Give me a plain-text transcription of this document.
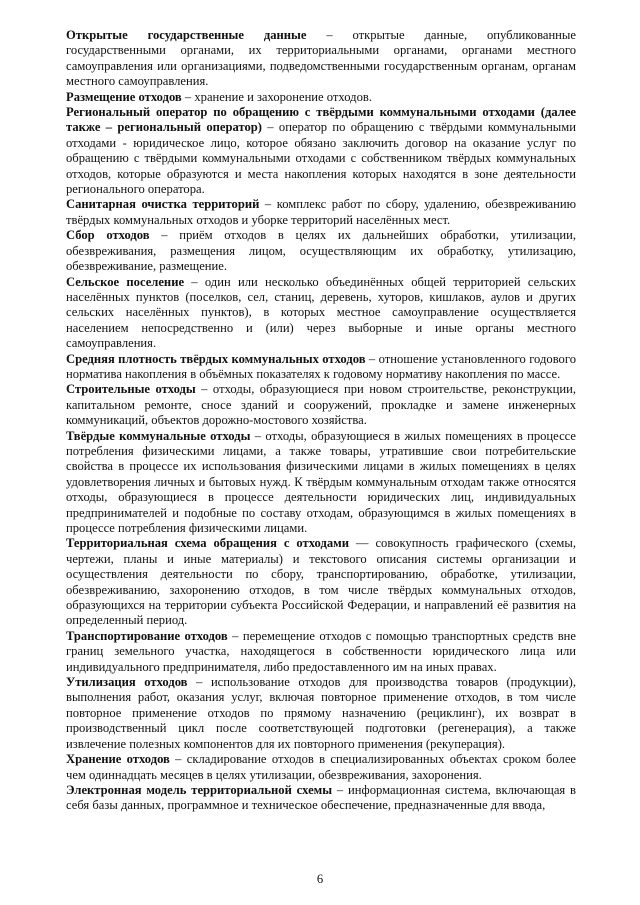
Открытые государственные данные – открытые данные, опубликованные государственными органами, их территориальными органами, органами местного самоуправления или организациями, подведомственными государственным органам, органам местного самоуправления.

Размещение отходов – хранение и захоронение отходов.

Региональный оператор по обращению с твёрдыми коммунальными отходами (далее также – региональный оператор) – оператор по обращению с твёрдыми коммунальными отходами - юридическое лицо, которое обязано заключить договор на оказание услуг по обращению с твёрдыми коммунальными отходами с собственником твёрдых коммунальных отходов, которые образуются и места накопления которых находятся в зоне деятельности регионального оператора.

Санитарная очистка территорий – комплекс работ по сбору, удалению, обезвреживанию твёрдых коммунальных отходов и уборке территорий населённых мест.

Сбор отходов – приём отходов в целях их дальнейших обработки, утилизации, обезвреживания, размещения лицом, осуществляющим их обработку, утилизацию, обезвреживание, размещение.

Сельское поселение – один или несколько объединённых общей территорией сельских населённых пунктов (поселков, сел, станиц, деревень, хуторов, кишлаков, аулов и других сельских населённых пунктов), в которых местное самоуправление осуществляется населением непосредственно и (или) через выборные и иные органы местного самоуправления.

Средняя плотность твёрдых коммунальных отходов – отношение установленного годового норматива накопления в объёмных показателях к годовому нормативу накопления по массе.

Строительные отходы – отходы, образующиеся при новом строительстве, реконструкции, капитальном ремонте, сносе зданий и сооружений, прокладке и замене инженерных коммуникаций, объектов дорожно-мостового хозяйства.

Твёрдые коммунальные отходы – отходы, образующиеся в жилых помещениях в процессе потребления физическими лицами, а также товары, утратившие свои потребительские свойства в процессе их использования физическими лицами в жилых помещениях в целях удовлетворения личных и бытовых нужд. К твёрдым коммунальным отходам также относятся отходы, образующиеся в процессе деятельности юридических лиц, индивидуальных предпринимателей и подобные по составу отходам, образующимся в жилых помещениях в процессе потребления физическими лицами.

Территориальная схема обращения с отходами — совокупность графического (схемы, чертежи, планы и иные материалы) и текстового описания системы организации и осуществления деятельности по сбору, транспортированию, обработке, утилизации, обезвреживанию, захоронению отходов, в том числе твёрдых коммунальных отходов, образующихся на территории субъекта Российской Федерации, и направлений её развития на определенный период.

Транспортирование отходов – перемещение отходов с помощью транспортных средств вне границ земельного участка, находящегося в собственности юридического лица или индивидуального предпринимателя, либо предоставленного им на иных правах.

Утилизация отходов – использование отходов для производства товаров (продукции), выполнения работ, оказания услуг, включая повторное применение отходов, в том числе повторное применение отходов по прямому назначению (рециклинг), их возврат в производственный цикл после соответствующей подготовки (регенерация), а также извлечение полезных компонентов для их повторного применения (рекуперация).

Хранение отходов – складирование отходов в специализированных объектах сроком более чем одиннадцать месяцев в целях утилизации, обезвреживания, захоронения.

Электронная модель территориальной схемы – информационная система, включающая в себя базы данных, программное и техническое обеспечение, предназначенные для ввода,

6
